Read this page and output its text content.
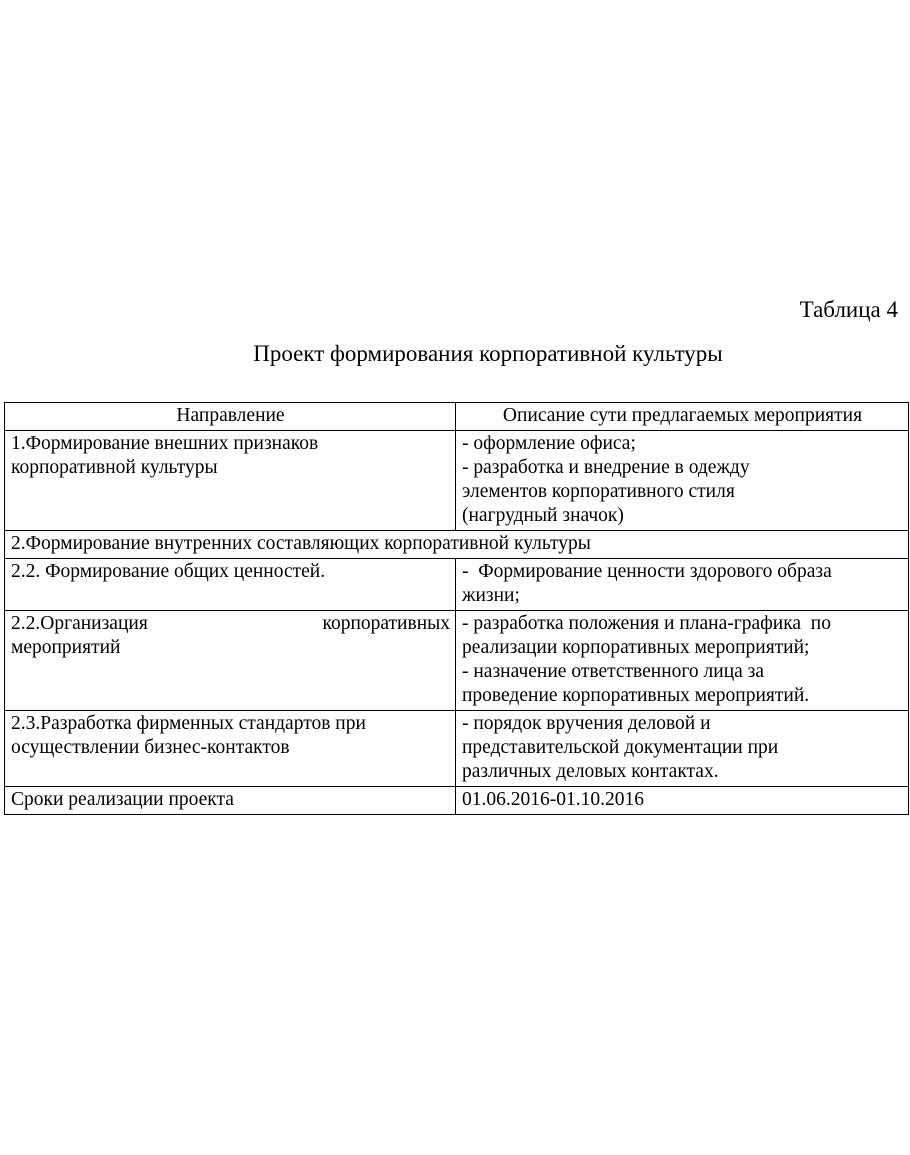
Таблица 4
Проект формирования корпоративной культуры
Направление	Описание сути предлагаемых мероприятия

1.Формирование внешних признаков
корпоративной культуры	- оформление офиса;
- разработка и внедрение в одежду
элементов корпоративного стиля
(нагрудный значок)

2.Формирование внутренних составляющих корпоративной культуры	

2.2. Формирование общих ценностей.	-  Формирование ценности здорового образа
жизни;

2.2.Организация корпоративных
мероприятий	- разработка положения и плана-графика  по
реализации корпоративных мероприятий;
- назначение ответственного лица за
проведение корпоративных мероприятий.

2.3.Разработка фирменных стандартов при
осуществлении бизнес-контактов	- порядок вручения деловой и
представительской документации при
различных деловых контактах.

Сроки реализации проекта	01.06.2016-01.10.2016
